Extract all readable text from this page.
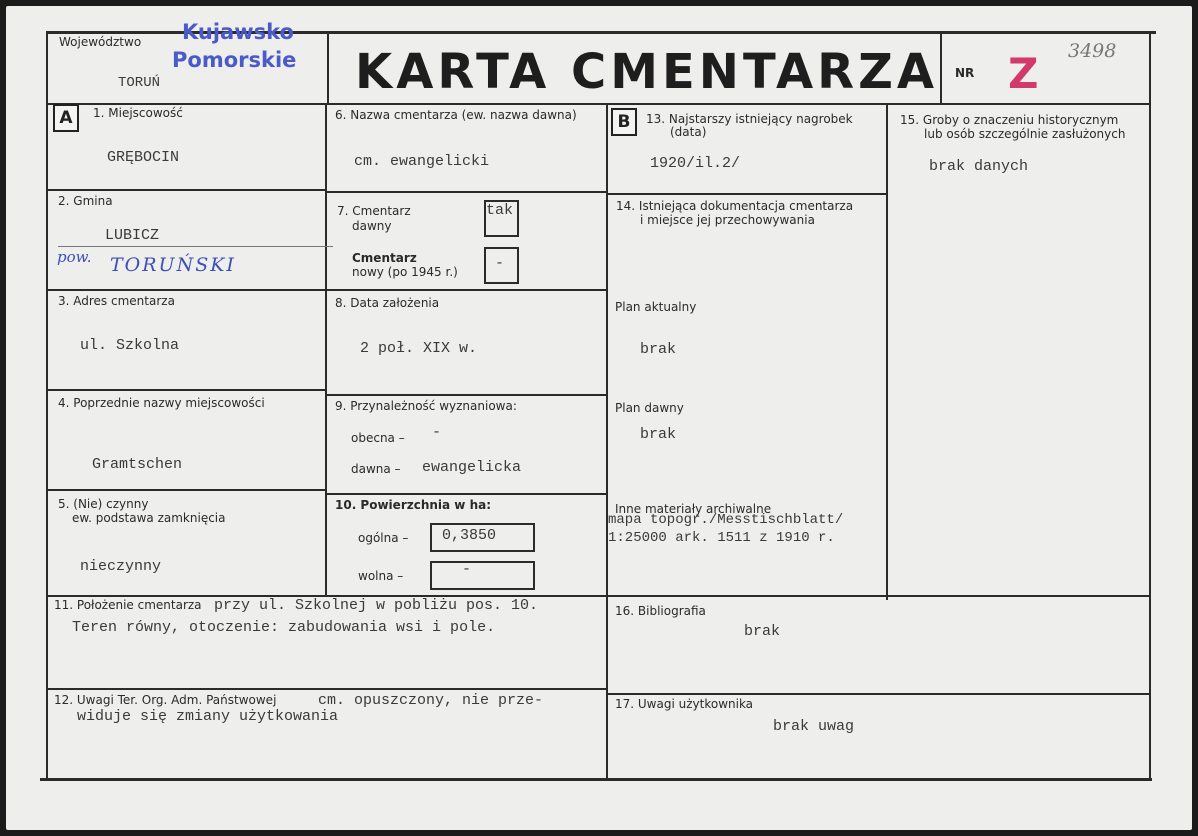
Województwo Kujawsko
Pomorskie
TORUŃ	KARTA CMENTARZA NR Z 3498
A	B
1. Miejscowość
GRĘBOCIN
2. Gmina
LUBICZ
pow. TORUŃSKI
3. Adres cmentarza
ul. Szkolna
4. Poprzednie nazwy miejscowości
Gramtschen
5. (Nie) czynny
ew. podstawa zamknięcia
nieczynny
6. Nazwa cmentarza (ew. nazwa dawna)
cm. ewangelicki
7. Cmentarz
dawny
tak
Cmentarz
nowy (po 1945 r.) -
8. Data założenia
2 poł. XIX w.
9. Przynależność wyznaniowa:
obecna – -
dawna – ewangelicka
10. Powierzchnia w ha:
ogólna – 0,3850
wolna –	-
13. Najstarszy istniejący nagrobek
(data)
1920/il.2/
14. Istniejąca dokumentacja cmentarza
i miejsce jej przechowywania
Plan aktualny
brak
Plan dawny
brak
Inne materiały archiwalne
mapa topogr./Messtischblatt/
1:25000 ark. 1511 z 1910 r.
15. Groby o znaczeniu historycznym
lub osób szczególnie zasłużonych
brak danych
11. Położenie cmentarza przy ul. Szkolnej w pobliżu pos. 10.
Teren równy, otoczenie: zabudowania wsi i pole.
12. Uwagi Ter. Org. Adm. Państwowej	cm. opuszczony, nie prze-
widuje się zmiany użytkowania
16. Bibliografia
brak
17. Uwagi użytkownika
brak uwag
